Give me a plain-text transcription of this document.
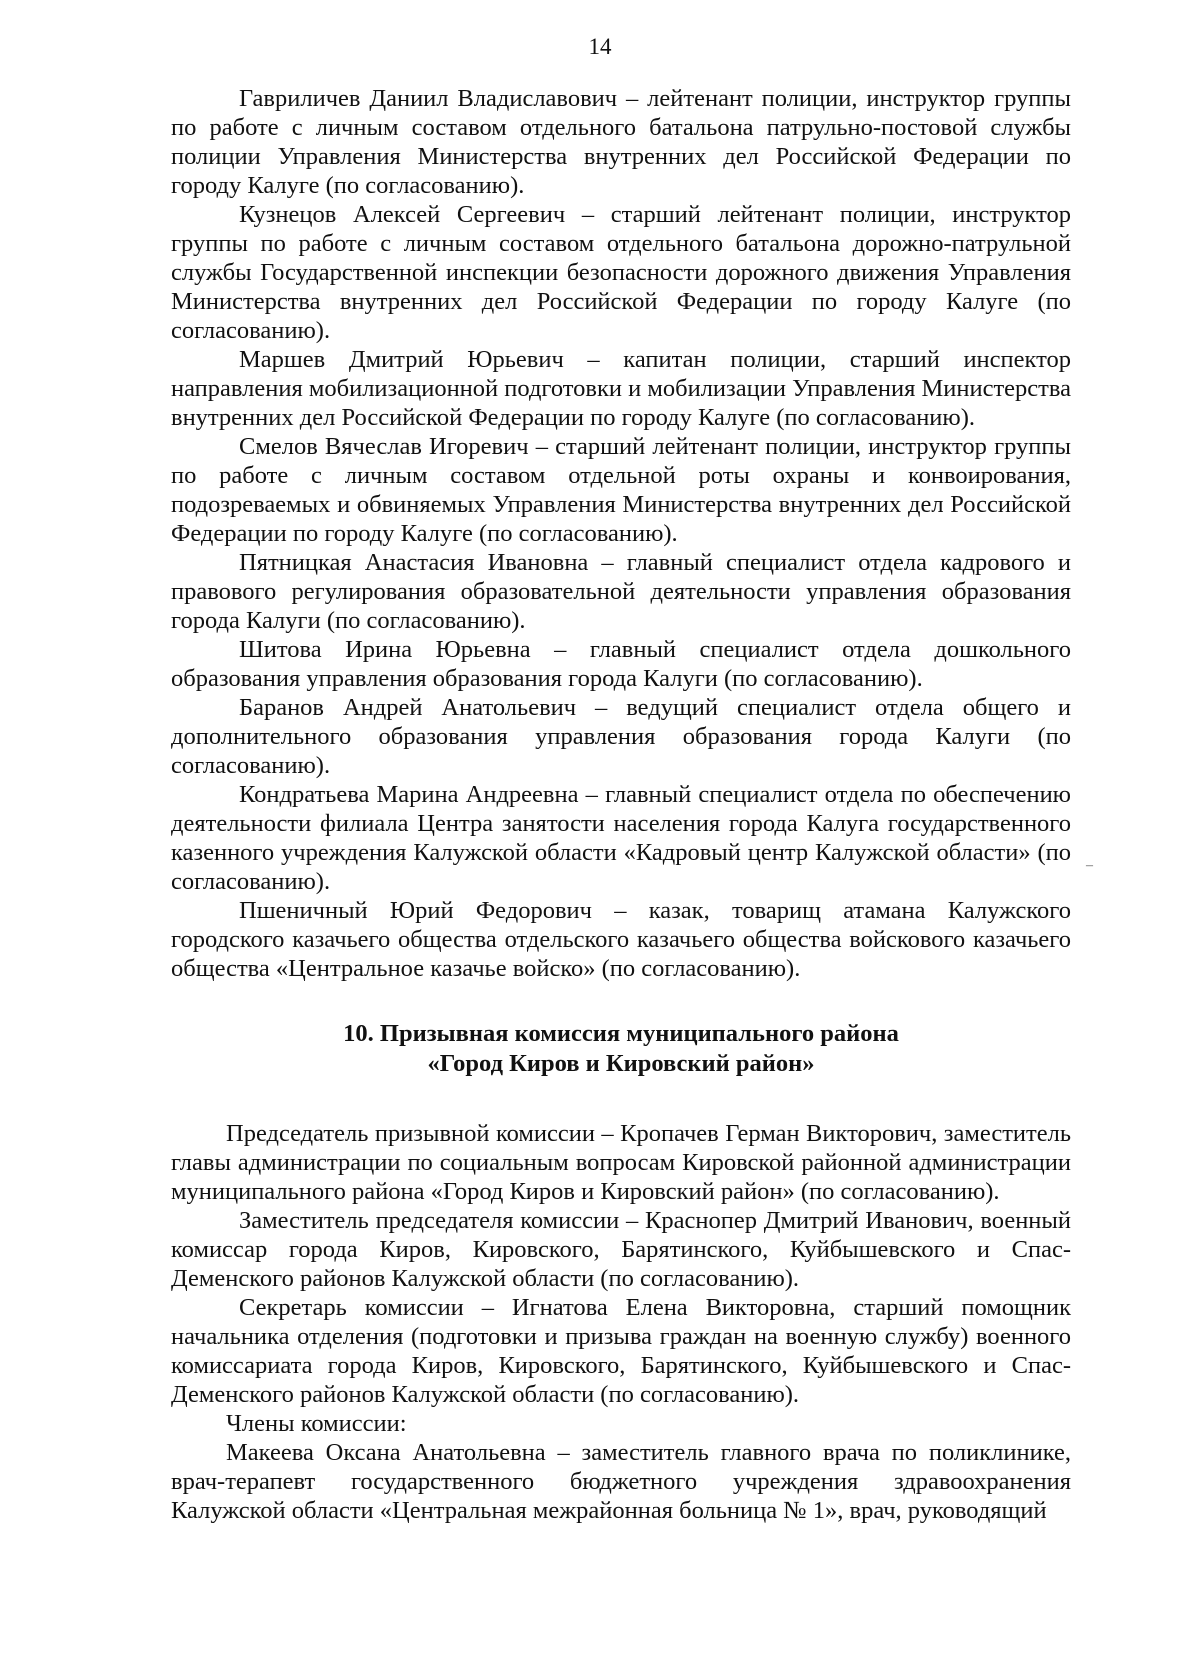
14

Гавриличев Даниил Владиславович – лейтенант полиции, инструктор группы по работе с личным составом отдельного батальона патрульно-постовой службы полиции Управления Министерства внутренних дел Российской Федерации по городу Калуге (по согласованию).

Кузнецов Алексей Сергеевич – старший лейтенант полиции, инструктор группы по работе с личным составом отдельного батальона дорожно-патрульной службы Государственной инспекции безопасности дорожного движения Управления Министерства внутренних дел Российской Федерации по городу Калуге (по согласованию).

Маршев Дмитрий Юрьевич – капитан полиции, старший инспектор направления мобилизационной подготовки и мобилизации Управления Министерства внутренних дел Российской Федерации по городу Калуге (по согласованию).

Смелов Вячеслав Игоревич – старший лейтенант полиции, инструктор группы по работе с личным составом отдельной роты охраны и конвоирования, подозреваемых и обвиняемых Управления Министерства внутренних дел Российской Федерации по городу Калуге (по согласованию).

Пятницкая Анастасия Ивановна – главный специалист отдела кадрового и правового регулирования образовательной деятельности управления образования города Калуги (по согласованию).

Шитова Ирина Юрьевна – главный специалист отдела дошкольного образования управления образования города Калуги (по согласованию).

Баранов Андрей Анатольевич – ведущий специалист отдела общего и дополнительного образования управления образования города Калуги (по согласованию).

Кондратьева Марина Андреевна – главный специалист отдела по обеспечению деятельности филиала Центра занятости населения города Калуга государственного казенного учреждения Калужской области «Кадровый центр Калужской области» (по согласованию).

Пшеничный Юрий Федорович – казак, товарищ атамана Калужского городского казачьего общества отдельского казачьего общества войскового казачьего общества «Центральное казачье войско» (по согласованию).

10. Призывная комиссия муниципального района
«Город Киров и Кировский район»

Председатель призывной комиссии – Кропачев Герман Викторович, заместитель главы администрации по социальным вопросам Кировской районной администрации муниципального района «Город Киров и Кировский район» (по согласованию).

Заместитель председателя комиссии – Краснопер Дмитрий Иванович, военный комиссар города Киров, Кировского, Барятинского, Куйбышевского и Спас-Деменского районов Калужской области (по согласованию).

Секретарь комиссии – Игнатова Елена Викторовна, старший помощник начальника отделения (подготовки и призыва граждан на военную службу) военного комиссариата города Киров, Кировского, Барятинского, Куйбышевского и Спас-Деменского районов Калужской области (по согласованию).

Члены комиссии:

Макеева Оксана Анатольевна – заместитель главного врача по поликлинике, врач-терапевт государственного бюджетного учреждения здравоохранения Калужской области «Центральная межрайонная больница № 1», врач, руководящий

–
